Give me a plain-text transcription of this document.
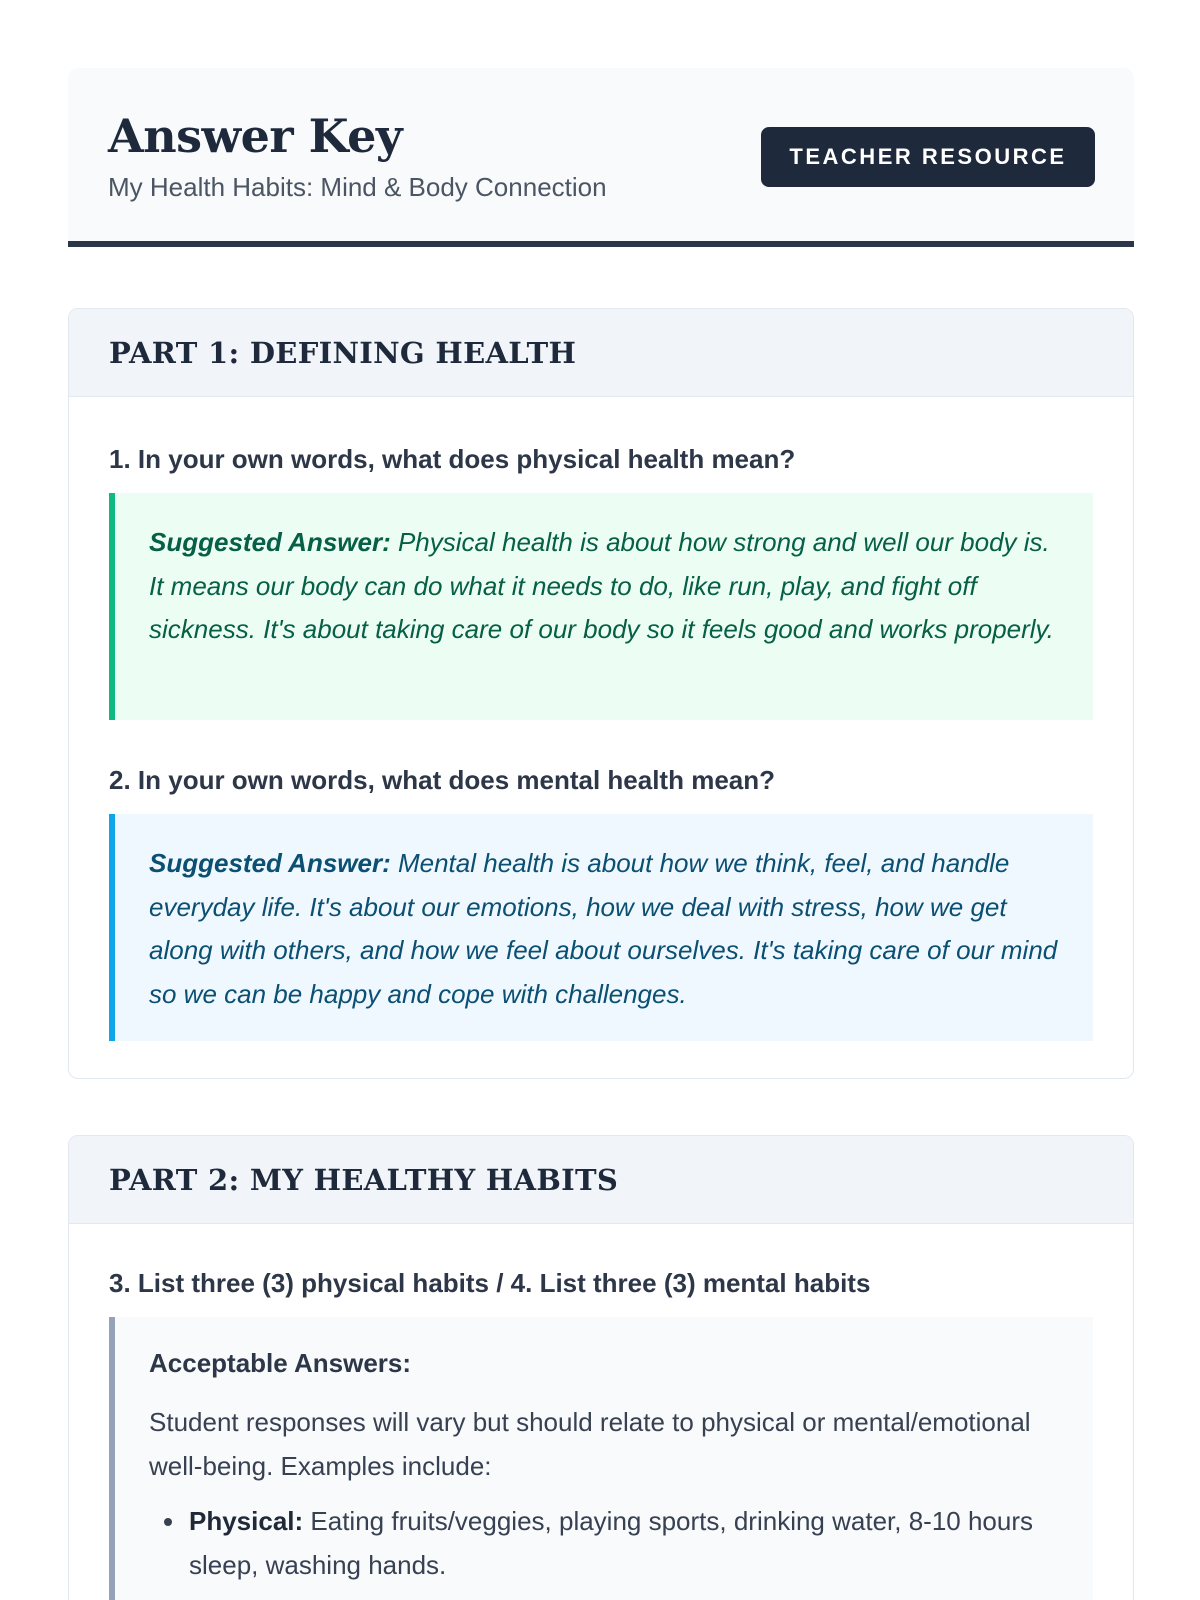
Answer Key

My Health Habits: Mind & Body Connection

TEACHER RESOURCE
PART 1: DEFINING HEALTH

1. In your own words, what does physical health mean?

Suggested Answer: Physical health is about how strong and well our body is. It means our body can do what it needs to do, like run, play, and fight off sickness. It's about taking care of our body so it feels good and works properly.

2. In your own words, what does mental health mean?

Suggested Answer: Mental health is about how we think, feel, and handle everyday life. It's about our emotions, how we deal with stress, how we get along with others, and how we feel about ourselves. It's taking care of our mind so we can be happy and cope with challenges.
PART 2: MY HEALTHY HABITS

3. List three (3) physical habits / 4. List three (3) mental habits

Acceptable Answers:

Student responses will vary but should relate to physical or mental/emotional well-being. Examples include:

• Physical: Eating fruits/veggies, playing sports, drinking water, 8-10 hours sleep, washing hands.
